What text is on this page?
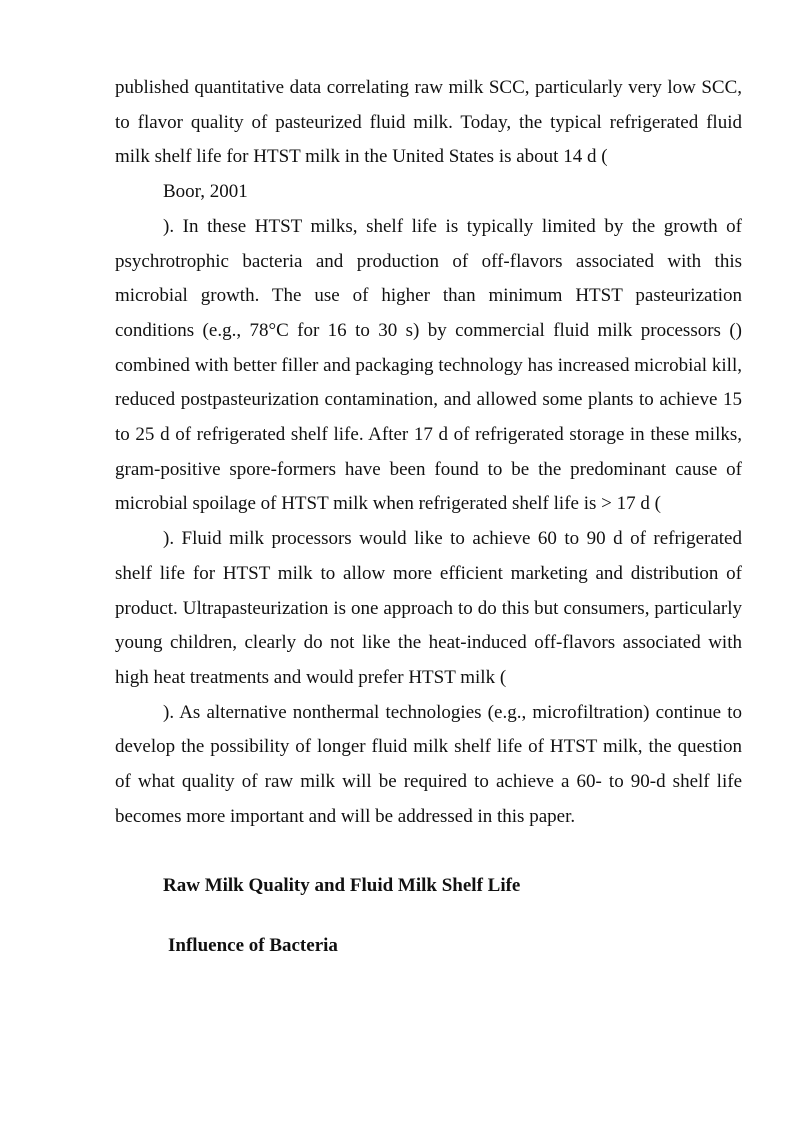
published quantitative data correlating raw milk SCC, particularly very low SCC, to flavor quality of pasteurized fluid milk. Today, the typical refrigerated fluid milk shelf life for HTST milk in the United States is about 14 d (

Boor, 2001

). In these HTST milks, shelf life is typically limited by the growth of psychrotrophic bacteria and production of off-flavors associated with this microbial growth. The use of higher than minimum HTST pasteurization conditions (e.g., 78°C for 16 to 30 s) by commercial fluid milk processors () combined with better filler and packaging technology has increased microbial kill, reduced postpasteurization contamination, and allowed some plants to achieve 15 to 25 d of refrigerated shelf life. After 17 d of refrigerated storage in these milks, gram-positive spore-formers have been found to be the predominant cause of microbial spoilage of HTST milk when refrigerated shelf life is > 17 d (

). Fluid milk processors would like to achieve 60 to 90 d of refrigerated shelf life for HTST milk to allow more efficient marketing and distribution of product. Ultrapasteurization is one approach to do this but consumers, particularly young children, clearly do not like the heat-induced off-flavors associated with high heat treatments and would prefer HTST milk (

). As alternative nonthermal technologies (e.g., microfiltration) continue to develop the possibility of longer fluid milk shelf life of HTST milk, the question of what quality of raw milk will be required to achieve a 60- to 90-d shelf life becomes more important and will be addressed in this paper.

Raw Milk Quality and Fluid Milk Shelf Life

Influence of Bacteria
